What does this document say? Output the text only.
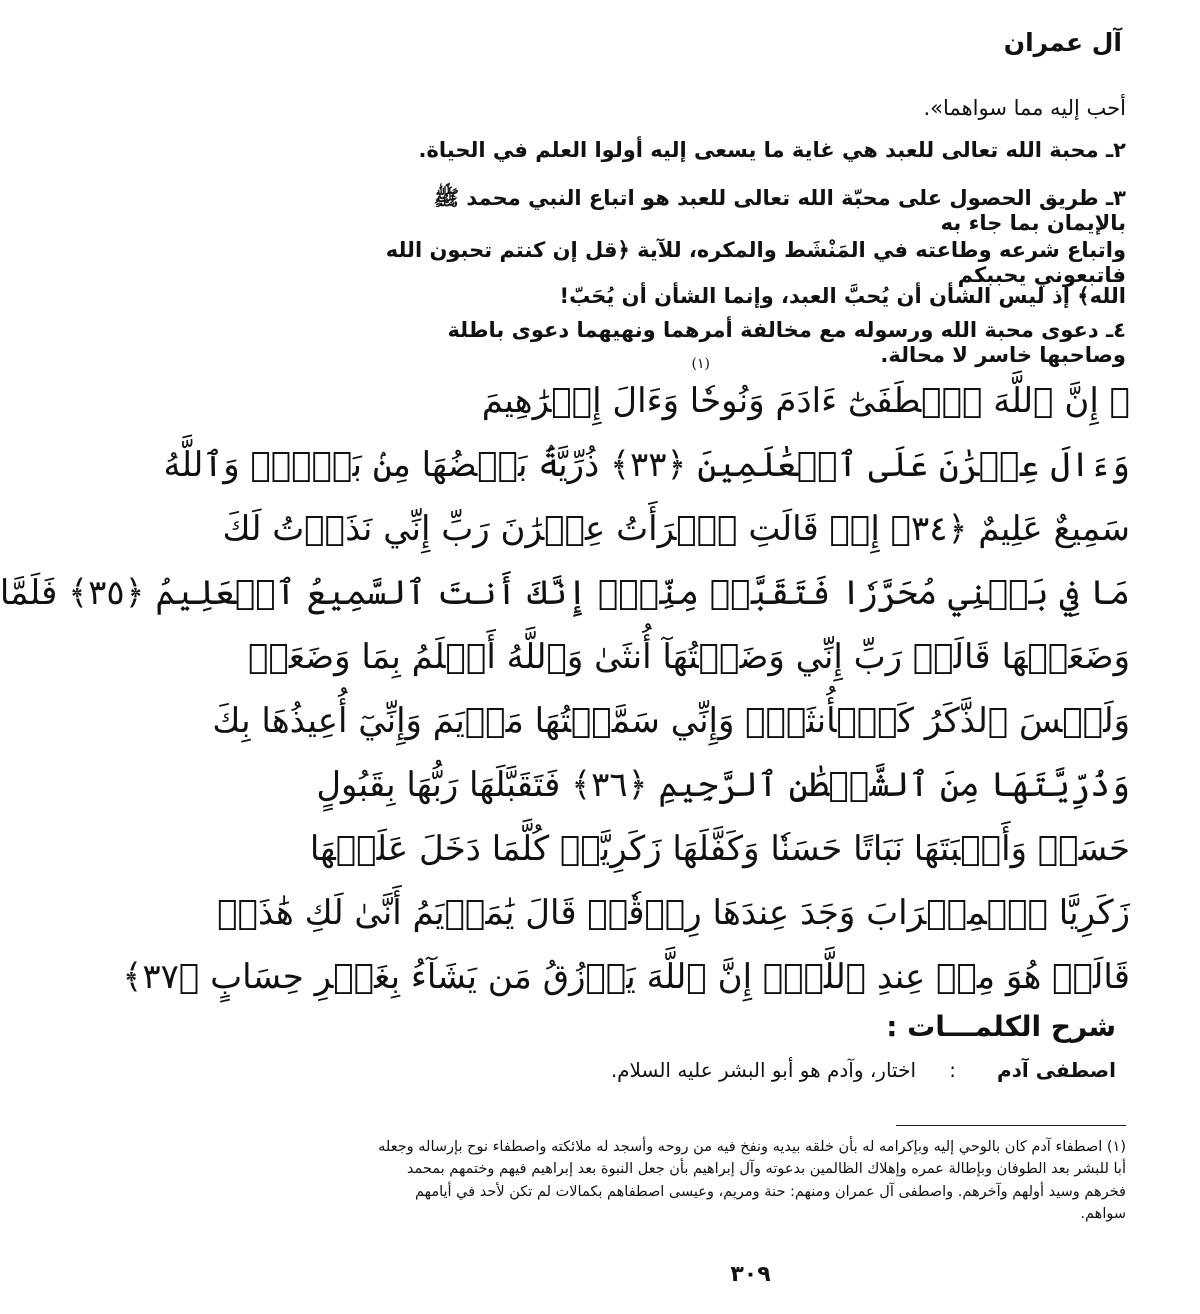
آل عمران
أحب إليه مما سواهما».
٢ـ محبة الله تعالى للعبد هي غاية ما يسعى إليه أولوا العلم في الحياة.
٣ـ طريق الحصول على محبّة الله تعالى للعبد هو اتباع النبي محمد ﷺ بالإيمان بما جاء به
واتباع شرعه وطاعته في المَنْشَط والمكره، للآية ﴿قل إن كنتم تحبون الله فاتبعوني يحببكم
الله﴾ إذ ليس الشأن أن يُحبَّ العبد، وإنما الشأن أن يُحَبّ!
٤ـ دعوى محبة الله ورسوله مع مخالفة أمرهما ونهيهما دعوى باطلة وصاحبها خاسر لا محالة.
(١)
۞ إِنَّ ٱللَّهَ ٱصۡطَفَىٰٓ ءَادَمَ وَنُوحٗا وَءَالَ إِبۡرَٰهِيمَ
وَءَالَ عِمۡرَٰنَ عَلَى ٱلۡعَٰلَمِينَ ﴿٣٣﴾ ذُرِّيَّةَۢ بَعۡضُهَا مِنۢ بَعۡضٖۗ وَٱللَّهُ
سَمِيعٌ عَلِيمٌ ﴿٣٤﴾ إِذۡ قَالَتِ ٱمۡرَأَتُ عِمۡرَٰنَ رَبِّ إِنِّي نَذَرۡتُ لَكَ
مَا فِي بَطۡنِي مُحَرَّرٗا فَتَقَبَّلۡ مِنِّيٓۖ إِنَّكَ أَنتَ ٱلسَّمِيعُ ٱلۡعَلِيمُ ﴿٣٥﴾ فَلَمَّا
وَضَعَتۡهَا قَالَتۡ رَبِّ إِنِّي وَضَعۡتُهَآ أُنثَىٰ وَٱللَّهُ أَعۡلَمُ بِمَا وَضَعَتۡ
وَلَيۡسَ ٱلذَّكَرُ كَٱلۡأُنثَىٰۖ وَإِنِّي سَمَّيۡتُهَا مَرۡيَمَ وَإِنِّيٓ أُعِيذُهَا بِكَ
وَذُرِّيَّتَهَا مِنَ ٱلشَّيۡطَٰنِ ٱلرَّجِيمِ ﴿٣٦﴾ فَتَقَبَّلَهَا رَبُّهَا بِقَبُولٍ
حَسَنٖ وَأَنۢبَتَهَا نَبَاتًا حَسَنٗا وَكَفَّلَهَا زَكَرِيَّاۖ كُلَّمَا دَخَلَ عَلَيۡهَا
زَكَرِيَّا ٱلۡمِحۡرَابَ وَجَدَ عِندَهَا رِزۡقٗاۖ قَالَ يَٰمَرۡيَمُ أَنَّىٰ لَكِ هَٰذَاۖ
قَالَتۡ هُوَ مِنۡ عِندِ ٱللَّهِۖ إِنَّ ٱللَّهَ يَرۡزُقُ مَن يَشَآءُ بِغَيۡرِ حِسَابٍ ﴿٣٧﴾
شرح الكلمـــات :
اصطفى آدم
:
اختار، وآدم هو أبو البشر عليه السلام.
(١) اصطفاء آدم كان بالوحي إليه وبإكرامه له بأن خلقه بيديه ونفخ فيه من روحه وأسجد له ملائكته واصطفاء نوح بإرساله وجعله أبا للبشر بعد الطوفان وبإطالة عمره وإهلاك الظالمين بدعوته وآل إبراهيم بأن جعل النبوة بعد إبراهيم فيهم وختمهم بمحمد فخرهم وسيد أولهم وآخرهم. واصطفى آل عمران ومنهم: حنة ومريم، وعيسى اصطفاهم بكمالات لم تكن لأحد في أيامهم سواهم.
٣٠٩
